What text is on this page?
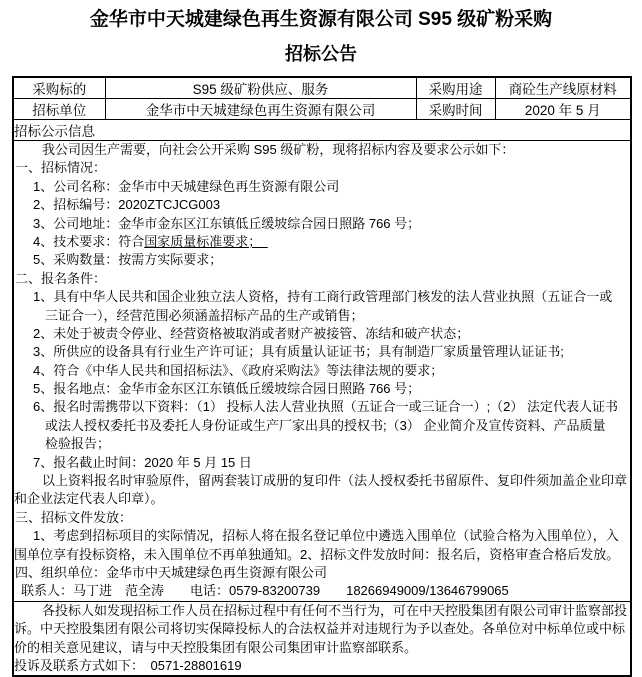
金华市中天城建绿色再生资源有限公司 S95 级矿粉采购
招标公告
采购标的	S95 级矿粉供应、服务	采购用途	商砼生产线原材料
招标单位	金华市中天城建绿色再生资源有限公司	采购时间	2020 年 5 月
招标公示信息			

我公司因生产需要，向社会公开采购 S95 级矿粉，现将招标内容及要求公示如下：
一、招标情况：
1、公司名称：金华市中天城建绿色再生资源有限公司
2、招标编号：2020ZTCJCG003
3、公司地址：金华市金东区江东镇低丘缓坡综合园日照路 766 号；
4、技术要求：符合国家质量标准要求；　
5、采购数量：按需方实际要求；
二、报名条件：
1、具有中华人民共和国企业独立法人资格，持有工商行政管理部门核发的法人营业执照（五证合一或
三证合一），经营范围必须涵盖招标产品的生产或销售；
2、未处于被责令停业、经营资格被取消或者财产被接管、冻结和破产状态；
3、所供应的设备具有行业生产许可证；具有质量认证证书；具有制造厂家质量管理认证证书;
4、符合《中华人民共和国招标法》、《政府采购法》等法律法规的要求；
5、报名地点：金华市金东区江东镇低丘缓坡综合园日照路 766 号；
6、报名时需携带以下资料：（1） 投标人法人营业执照（五证合一或三证合一）;（2） 法定代表人证书
或法人授权委托书及委托人身份证或生产厂家出具的授权书;（3） 企业简介及宣传资料、产品质量
检验报告；
7、报名截止时间：2020 年 5 月 15 日
以上资料报名时审验原件，留两套装订成册的复印件（法人授权委托书留原件、复印件须加盖企业印章
和企业法定代表人印章）。
三、招标文件发放：
1、考虑到招标项目的实际情况，招标人将在报名登记单位中遴选入围单位（试验合格为入围单位），入
围单位享有投标资格，未入围单位不再单独通知。2、招标文件发放时间：报名后，资格审查合格后发放。
四、组织单位：金华市中天城建绿色再生资源有限公司
联系人：马丁进　范全涛　　电话：0579-83200739　　18266949009/13646799065

各投标人如发现招标工作人员在招标过程中有任何不当行为，可在中天控股集团有限公司审计监察部投
诉。中天控股集团有限公司将切实保障投标人的合法权益并对违规行为予以查处。各单位对中标单位或中标
价的相关意见建议，请与中天控股集团有限公司集团审计监察部联系。
投诉及联系方式如下：　0571-28801619			
